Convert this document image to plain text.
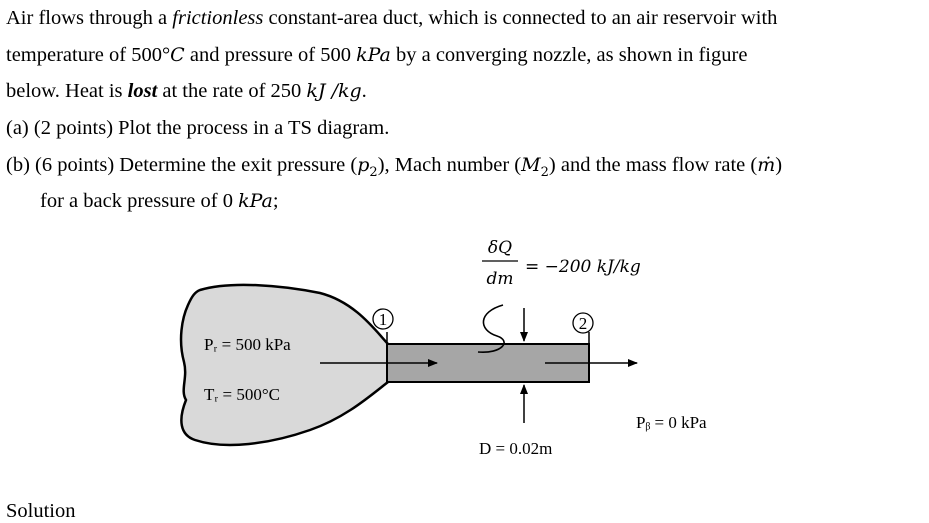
Air flows through a frictionless constant-area duct, which is connected to an air reservoir with
temperature of 500°C and pressure of 500 kPa by a converging nozzle, as shown in figure
below. Heat is lost at the rate of 250 kJ /kg.
(a) (2 points) Plot the process in a TS diagram.
(b) (6 points) Determine the exit pressure $(p_2)$, Mach number $(M_2)$ and the mass flow rate (ṁ)
for a back pressure of 0 kPa;
1	2
δQ
dm
= −200 kJ/kg
Pᵣ = 500 kPa
Tᵣ = 500°C
Pᵦ = 0 kPa
D = 0.02m
Solution
